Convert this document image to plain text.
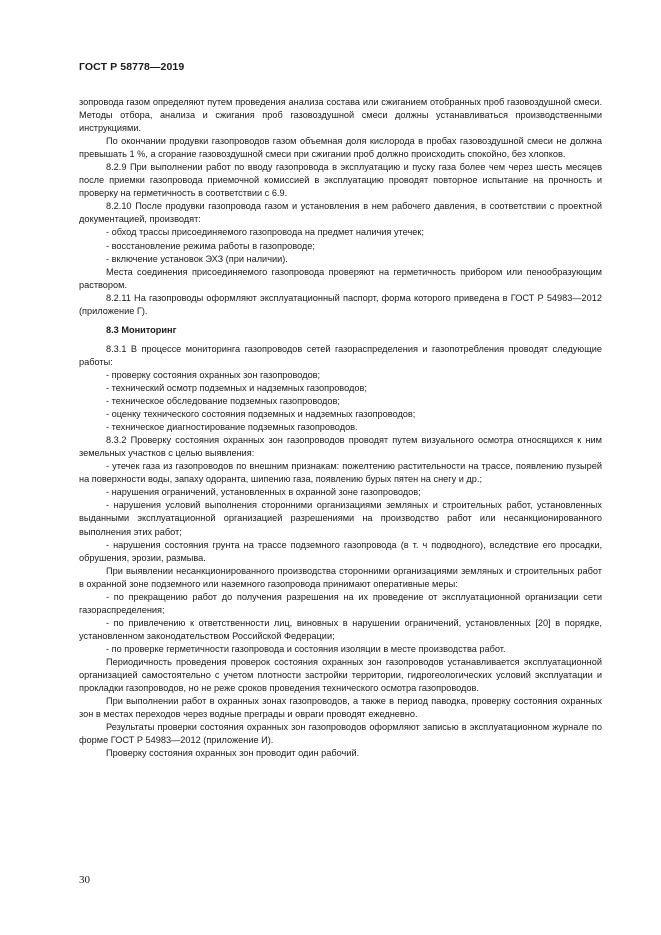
ГОСТ Р 58778—2019

зопровода газом определяют путем проведения анализа состава или сжиганием отобранных проб газовоздушной смеси. Методы отбора, анализа и сжигания проб газовоздушной смеси должны устанавливаться производственными инструкциями.

По окончании продувки газопроводов газом объемная доля кислорода в пробах газовоздушной смеси не должна превышать 1 %, а сгорание газовоздушной смеси при сжигании проб должно происходить спокойно, без хлопков.

8.2.9 При выполнении работ по вводу газопровода в эксплуатацию и пуску газа более чем через шесть месяцев после приемки газопровода приемочной комиссией в эксплуатацию проводят повторное испытание на прочность и проверку на герметичность в соответствии с 6.9.

8.2.10 После продувки газопровода газом и установления в нем рабочего давления, в соответствии с проектной документацией, производят:

- обход трассы присоединяемого газопровода на предмет наличия утечек;

- восстановление режима работы в газопроводе;

- включение установок ЭХЗ (при наличии).

Места соединения присоединяемого газопровода проверяют на герметичность прибором или пенообразующим раствором.

8.2.11 На газопроводы оформляют эксплуатационный паспорт, форма которого приведена в ГОСТ Р 54983—2012 (приложение Г).

8.3 Мониторинг

8.3.1 В процессе мониторинга газопроводов сетей газораспределения и газопотребления проводят следующие работы:

- проверку состояния охранных зон газопроводов;

- технический осмотр подземных и надземных газопроводов;

- техническое обследование подземных газопроводов;

- оценку технического состояния подземных и надземных газопроводов;

- техническое диагностирование подземных газопроводов.

8.3.2 Проверку состояния охранных зон газопроводов проводят путем визуального осмотра относящихся к ним земельных участков с целью выявления:

- утечек газа из газопроводов по внешним признакам: пожелтению растительности на трассе, появлению пузырей на поверхности воды, запаху одоранта, шипению газа, появлению бурых пятен на снегу и др.;

- нарушения ограничений, установленных в охранной зоне газопроводов;

- нарушения условий выполнения сторонними организациями земляных и строительных работ, установленных выданными эксплуатационной организацией разрешениями на производство работ или несанкционированного выполнения этих работ;

- нарушения состояния грунта на трассе подземного газопровода (в т. ч подводного), вследствие его просадки, обрушения, эрозии, размыва.

При выявлении несанкционированного производства сторонними организациями земляных и строительных работ в охранной зоне подземного или наземного газопровода принимают оперативные меры:

- по прекращению работ до получения разрешения на их проведение от эксплуатационной организации сети газораспределения;

- по привлечению к ответственности лиц, виновных в нарушении ограничений, установленных [20] в порядке, установленном законодательством Российской Федерации;

- по проверке герметичности газопровода и состояния изоляции в месте производства работ.

Периодичность проведения проверок состояния охранных зон газопроводов устанавливается эксплуатационной организацией самостоятельно с учетом плотности застройки территории, гидрогеологических условий эксплуатации и прокладки газопроводов, но не реже сроков проведения технического осмотра газопроводов.

При выполнении работ в охранных зонах газопроводов, а также в период паводка, проверку состояния охранных зон в местах переходов через водные преграды и овраги проводят ежедневно.

Результаты проверки состояния охранных зон газопроводов оформляют записью в эксплуатационном журнале по форме ГОСТ Р 54983—2012 (приложение И).

Проверку состояния охранных зон проводит один рабочий.

30
